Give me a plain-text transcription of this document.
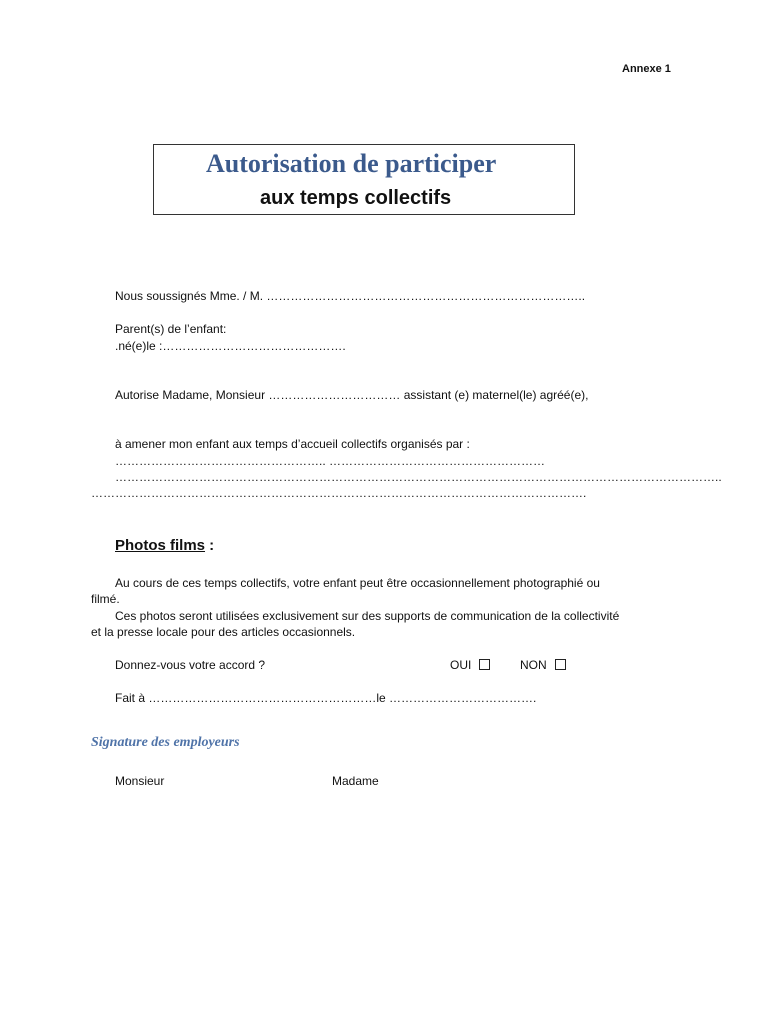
Annexe 1
Autorisation de participer
aux temps collectifs
Nous soussignés Mme. / M. ……………………………………………………………………..
Parent(s) de l’enfant:
.né(e)le :……………………………………….
Autorise Madame, Monsieur …………………………… assistant (e) maternel(le) agréé(e),
à amener mon enfant aux temps d’accueil collectifs organisés par :
…………………………………………….. ………………………………………………
……………………………………………………………………………………………………………………………………..
…………………………………………………………………………………………………………….
Photos films :
Au cours de ces temps collectifs, votre enfant peut être occasionnellement photographié ou
filmé.
Ces photos seront utilisées exclusivement sur des supports de communication de la collectivité
et la presse locale pour des articles occasionnels.
Donnez-vous votre accord ?	OUI	NON
Fait à …………………………………………………le ……………………………….
Signature des employeurs
Monsieur	Madame
